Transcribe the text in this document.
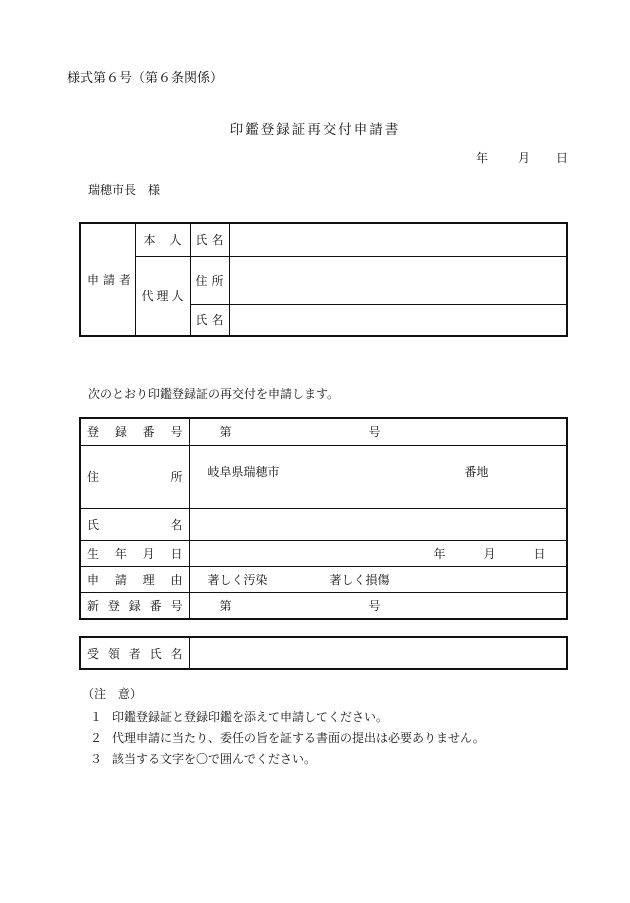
様式第６号（第６条関係）
印鑑登録証再交付申請書
年	月 日
瑞穂市長　様
申請者	本　人	氏名	
	代理人	住所	
		氏名	
次のとおり印鑑登録証の再交付を申請します。
登録番号	第 号
住所	岐阜県瑞穂市 番地
氏名	
生年月日	年 月 日
申請理由	著しく汚染 著しく損傷
新登録番号	第 号
受領者氏名	
（注　意）
１ 印鑑登録証と登録印鑑を添えて申請してください。
２ 代理申請に当たり、委任の旨を証する書面の提出は必要ありません。
３ 該当する文字を〇で囲んでください。
